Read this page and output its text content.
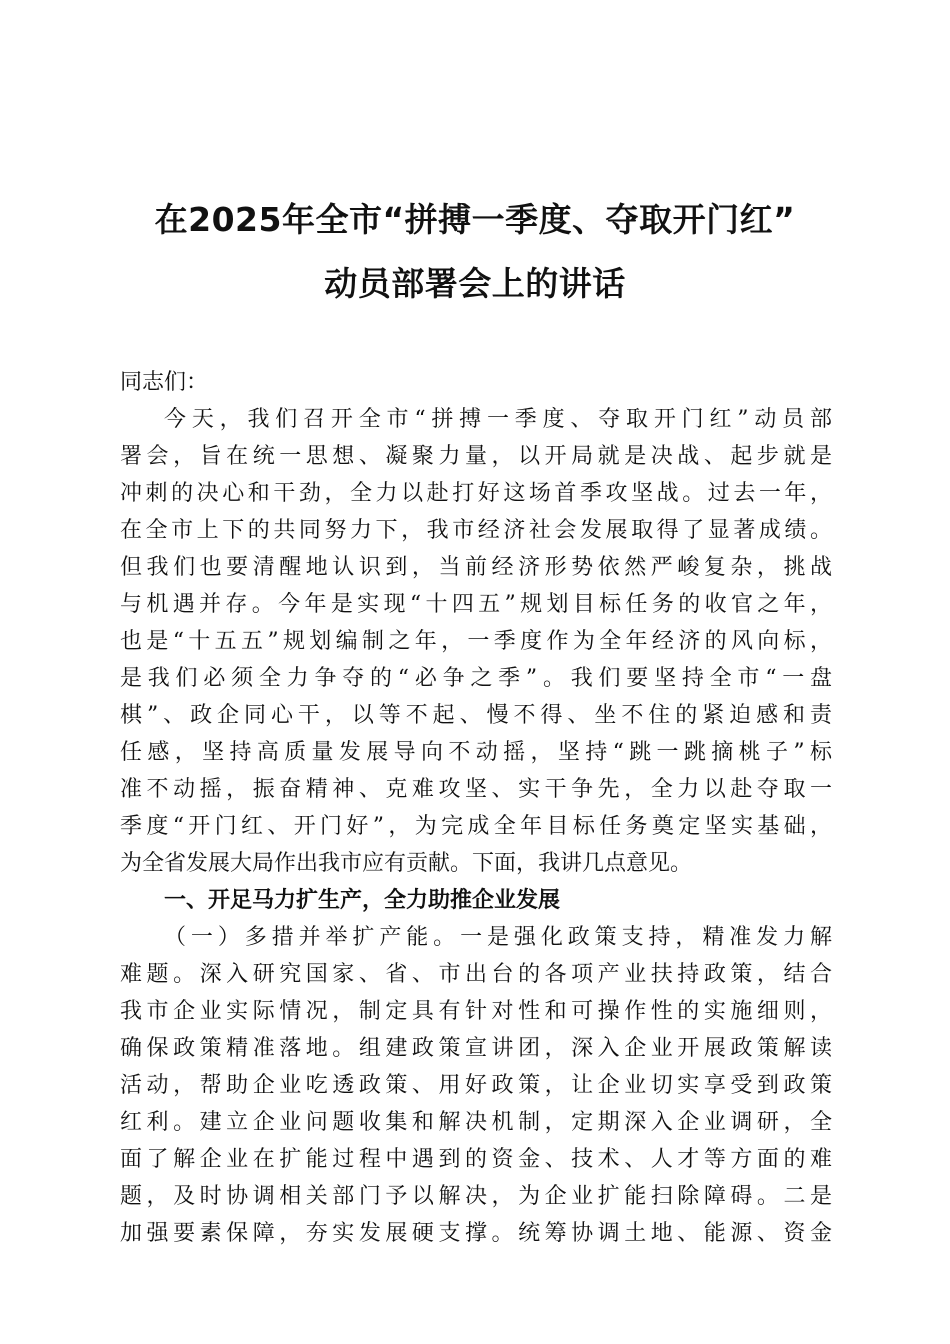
在2025年全市“拼搏一季度、夺取开门红”
动员部署会上的讲话
同志们：
今天，我们召开全市“拼搏一季度、夺取开门红”动员部
署会，旨在统一思想、凝聚力量，以开局就是决战、起步就是
冲刺的决心和干劲，全力以赴打好这场首季攻坚战。过去一年，
在全市上下的共同努力下，我市经济社会发展取得了显著成绩。
但我们也要清醒地认识到，当前经济形势依然严峻复杂，挑战
与机遇并存。今年是实现“十四五”规划目标任务的收官之年，
也是“十五五”规划编制之年，一季度作为全年经济的风向标，
是我们必须全力争夺的“必争之季”。我们要坚持全市“一盘
棋”、政企同心干，以等不起、慢不得、坐不住的紧迫感和责
任感，坚持高质量发展导向不动摇，坚持“跳一跳摘桃子”标
准不动摇，振奋精神、克难攻坚、实干争先，全力以赴夺取一
季度“开门红、开门好”，为完成全年目标任务奠定坚实基础，
为全省发展大局作出我市应有贡献。下面，我讲几点意见。
一、开足马力扩生产，全力助推企业发展
（一）多措并举扩产能。一是强化政策支持，精准发力解
难题。深入研究国家、省、市出台的各项产业扶持政策，结合
我市企业实际情况，制定具有针对性和可操作性的实施细则，
确保政策精准落地。组建政策宣讲团，深入企业开展政策解读
活动，帮助企业吃透政策、用好政策，让企业切实享受到政策
红利。建立企业问题收集和解决机制，定期深入企业调研，全
面了解企业在扩能过程中遇到的资金、技术、人才等方面的难
题，及时协调相关部门予以解决，为企业扩能扫除障碍。二是
加强要素保障，夯实发展硬支撑。统筹协调土地、能源、资金
